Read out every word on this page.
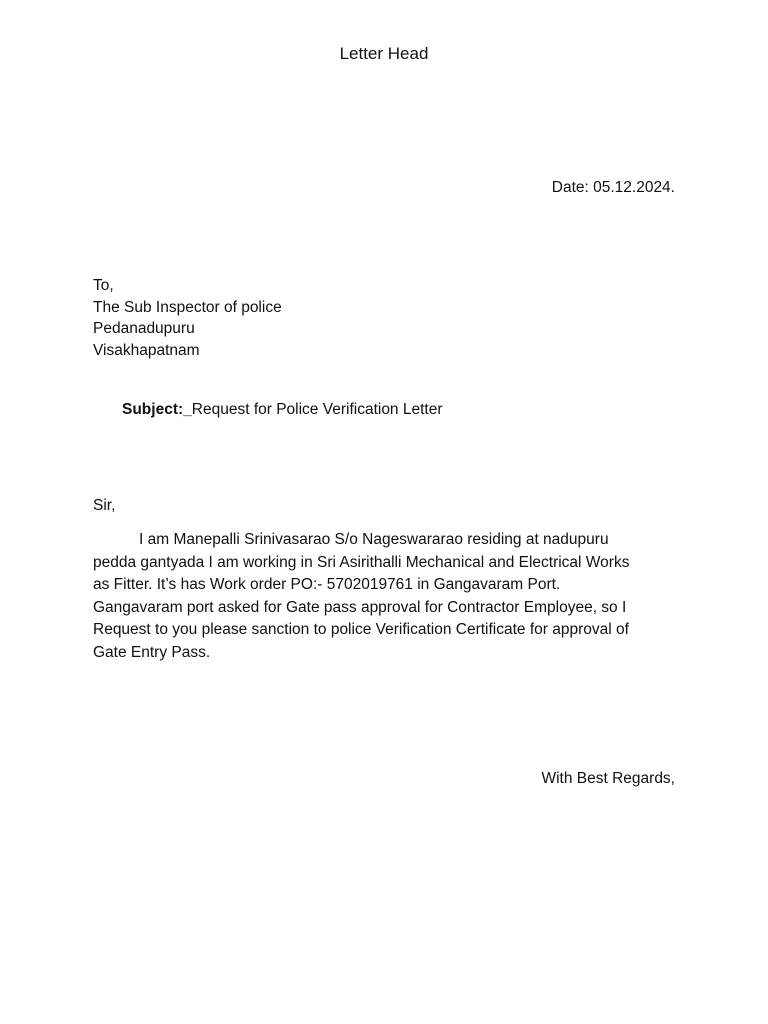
Letter Head
Date: 05.12.2024.
To,
The Sub Inspector of police
Pedanadupuru
Visakhapatnam
Subject:_Request for Police Verification Letter
Sir,
I am Manepalli Srinivasarao S/o Nageswararao residing at nadupuru
pedda gantyada I am working in Sri Asirithalli Mechanical and Electrical Works
as Fitter. It’s has Work order PO:- 5702019761 in Gangavaram Port.
Gangavaram port asked for Gate pass approval for Contractor Employee, so I
Request to you please sanction to police Verification Certificate for approval of
Gate Entry Pass.
With Best Regards,
